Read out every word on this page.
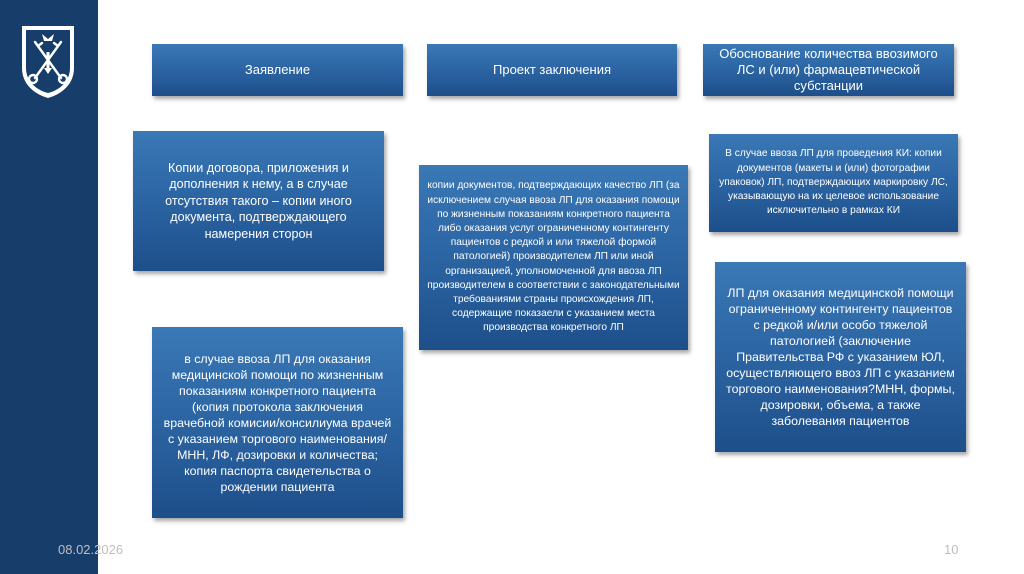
Заявление	Проект заключения
Обоснование количества ввозимого ЛС и (или) фармацевтической субстанции
Копии договора, приложения и дополнения к нему, а в случае отсутствия такого – копии иного документа, подтверждающего намерения сторон
в случае ввоза ЛП для оказания медицинской помощи по жизненным показаниям конкретного пациента (копия протокола заключения врачебной комисии/консилиума врачей с указанием торгового наименования/МНН, ЛФ, дозировки и количества; копия паспорта свидетельства о рождении пациента
копии документов, подтверждающих качество ЛП (за исключением случая ввоза ЛП для оказания помощи по жизненным показаниям конкретного пациента либо оказания услуг ограниченному контингенту пациентов с редкой и или тяжелой формой патологией) производителем ЛП или иной организацией, уполномоченной для ввоза ЛП производителем в соответствии с законодательными требованиями страны происхождения ЛП, содержащие показаели с указанием места производства конкретного ЛП
В случае ввоза ЛП для проведения КИ: копии документов (макеты и (или) фотографии упаковок) ЛП, подтверждающих маркировку ЛС, указывающую на их целевое использование исключительно в рамках КИ
ЛП для оказания медицинской помощи ограниченному контингенту пациентов с редкой и/или особо тяжелой патологией (заключение Правительства РФ с указанием ЮЛ, осуществляющего ввоз ЛП с указанием торгового наименования?МНН, формы, дозировки, объема, а также заболевания пациентов
08.02.2026	10
